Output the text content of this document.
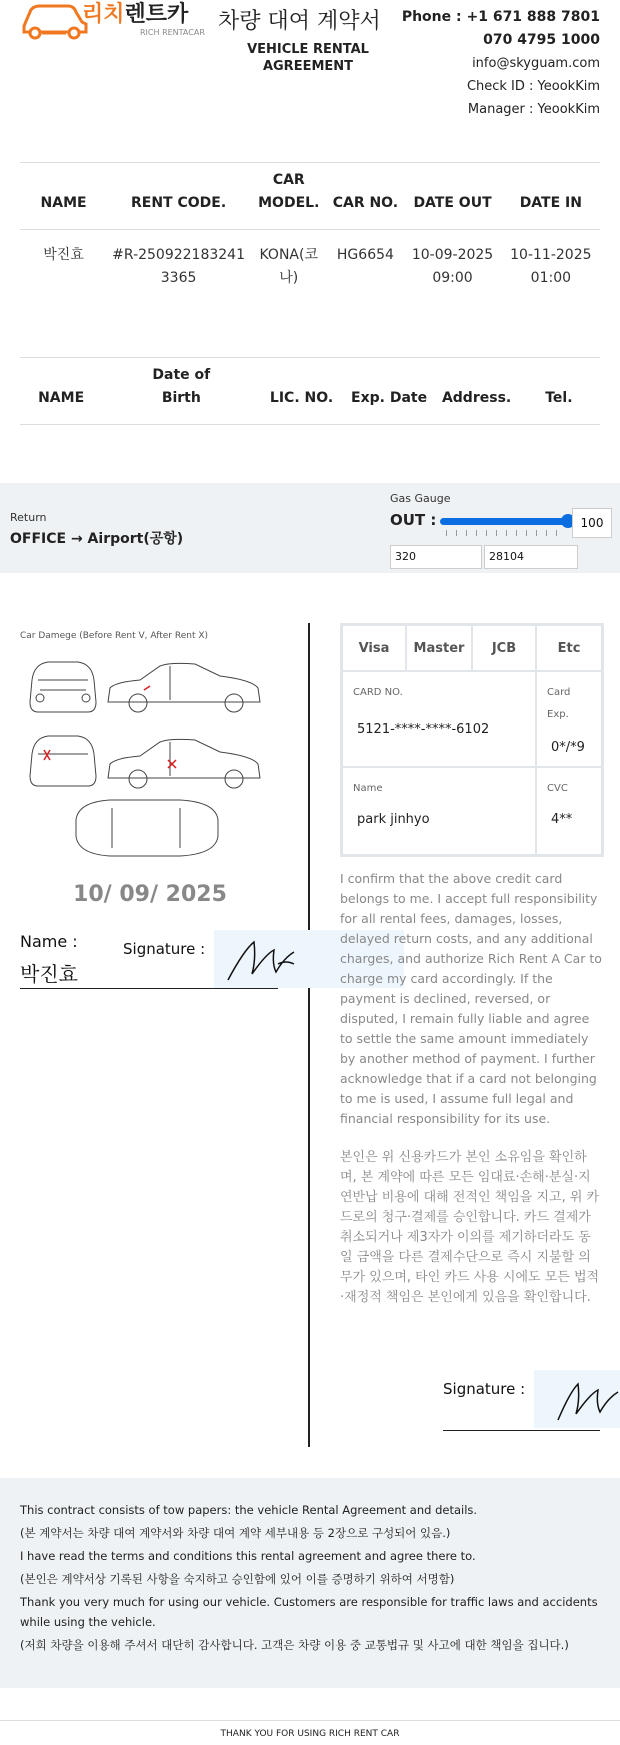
리치렌트카
RICH RENTACAR 차량 대여 계약서
VEHICLE RENTAL AGREEMENT
Phone : +1 671 888 7801
070 4795 1000
info@skyguam.com
Check ID : YeookKim
Manager : YeookKim
NAME	RENT CODE.	CAR MODEL.	CAR NO.	DATE OUT	DATE IN
박진효	#R-2509221832413365	KONA(코나)	HG6654	10-09-2025 09:00	10-11-2025 01:00
NAME	Date of Birth	LIC. NO.	Exp. Date	Address.	Tel.
Return
OFFICE → Airport(공항)
Gas Gauge
OUT :	100
320	28104
Car Damege (Before Rent V, After Rent X)
10/ 09/ 2025
Name :
박진효
Signature :
Visa	Master	JCB	Etc
CARD NO.
5121-****-****-6102
Card
Exp.
0*/*9
Name
park jinhyo
CVC
4**
I confirm that the above credit card belongs to me. I accept full responsibility for all rental fees, damages, losses, delayed return costs, and any additional charges, and authorize Rich Rent A Car to charge my card accordingly. If the payment is declined, reversed, or disputed, I remain fully liable and agree to settle the same amount immediately by another method of payment. I further acknowledge that if a card not belonging to me is used, I assume full legal and financial responsibility for its use.
본인은 위 신용카드가 본인 소유임을 확인하며, 본 계약에 따른 모든 임대료·손해·분실·지연반납 비용에 대해 전적인 책임을 지고, 위 카드로의 청구·결제를 승인합니다. 카드 결제가 취소되거나 제3자가 이의를 제기하더라도 동일 금액을 다른 결제수단으로 즉시 지불할 의무가 있으며, 타인 카드 사용 시에도 모든 법적·재정적 책임은 본인에게 있음을 확인합니다.
Signature :

This contract consists of tow papers: the vehicle Rental Agreement and details.

(본 계약서는 차량 대여 계약서와 차량 대여 계약 세부내용 등 2장으로 구성되어 있음.)

I have read the terms and conditions this rental agreement and agree there to.

(본인은 계약서상 기록된 사항을 숙지하고 승인함에 있어 이를 증명하기 위하여 서명함)

Thank you very much for using our vehicle. Customers are responsible for traffic laws and accidents while using the vehicle.

(저희 차량을 이용해 주셔서 대단히 감사합니다. 고객은 차량 이용 중 교통법규 및 사고에 대한 책임을 집니다.)

THANK YOU FOR USING RICH RENT CAR
